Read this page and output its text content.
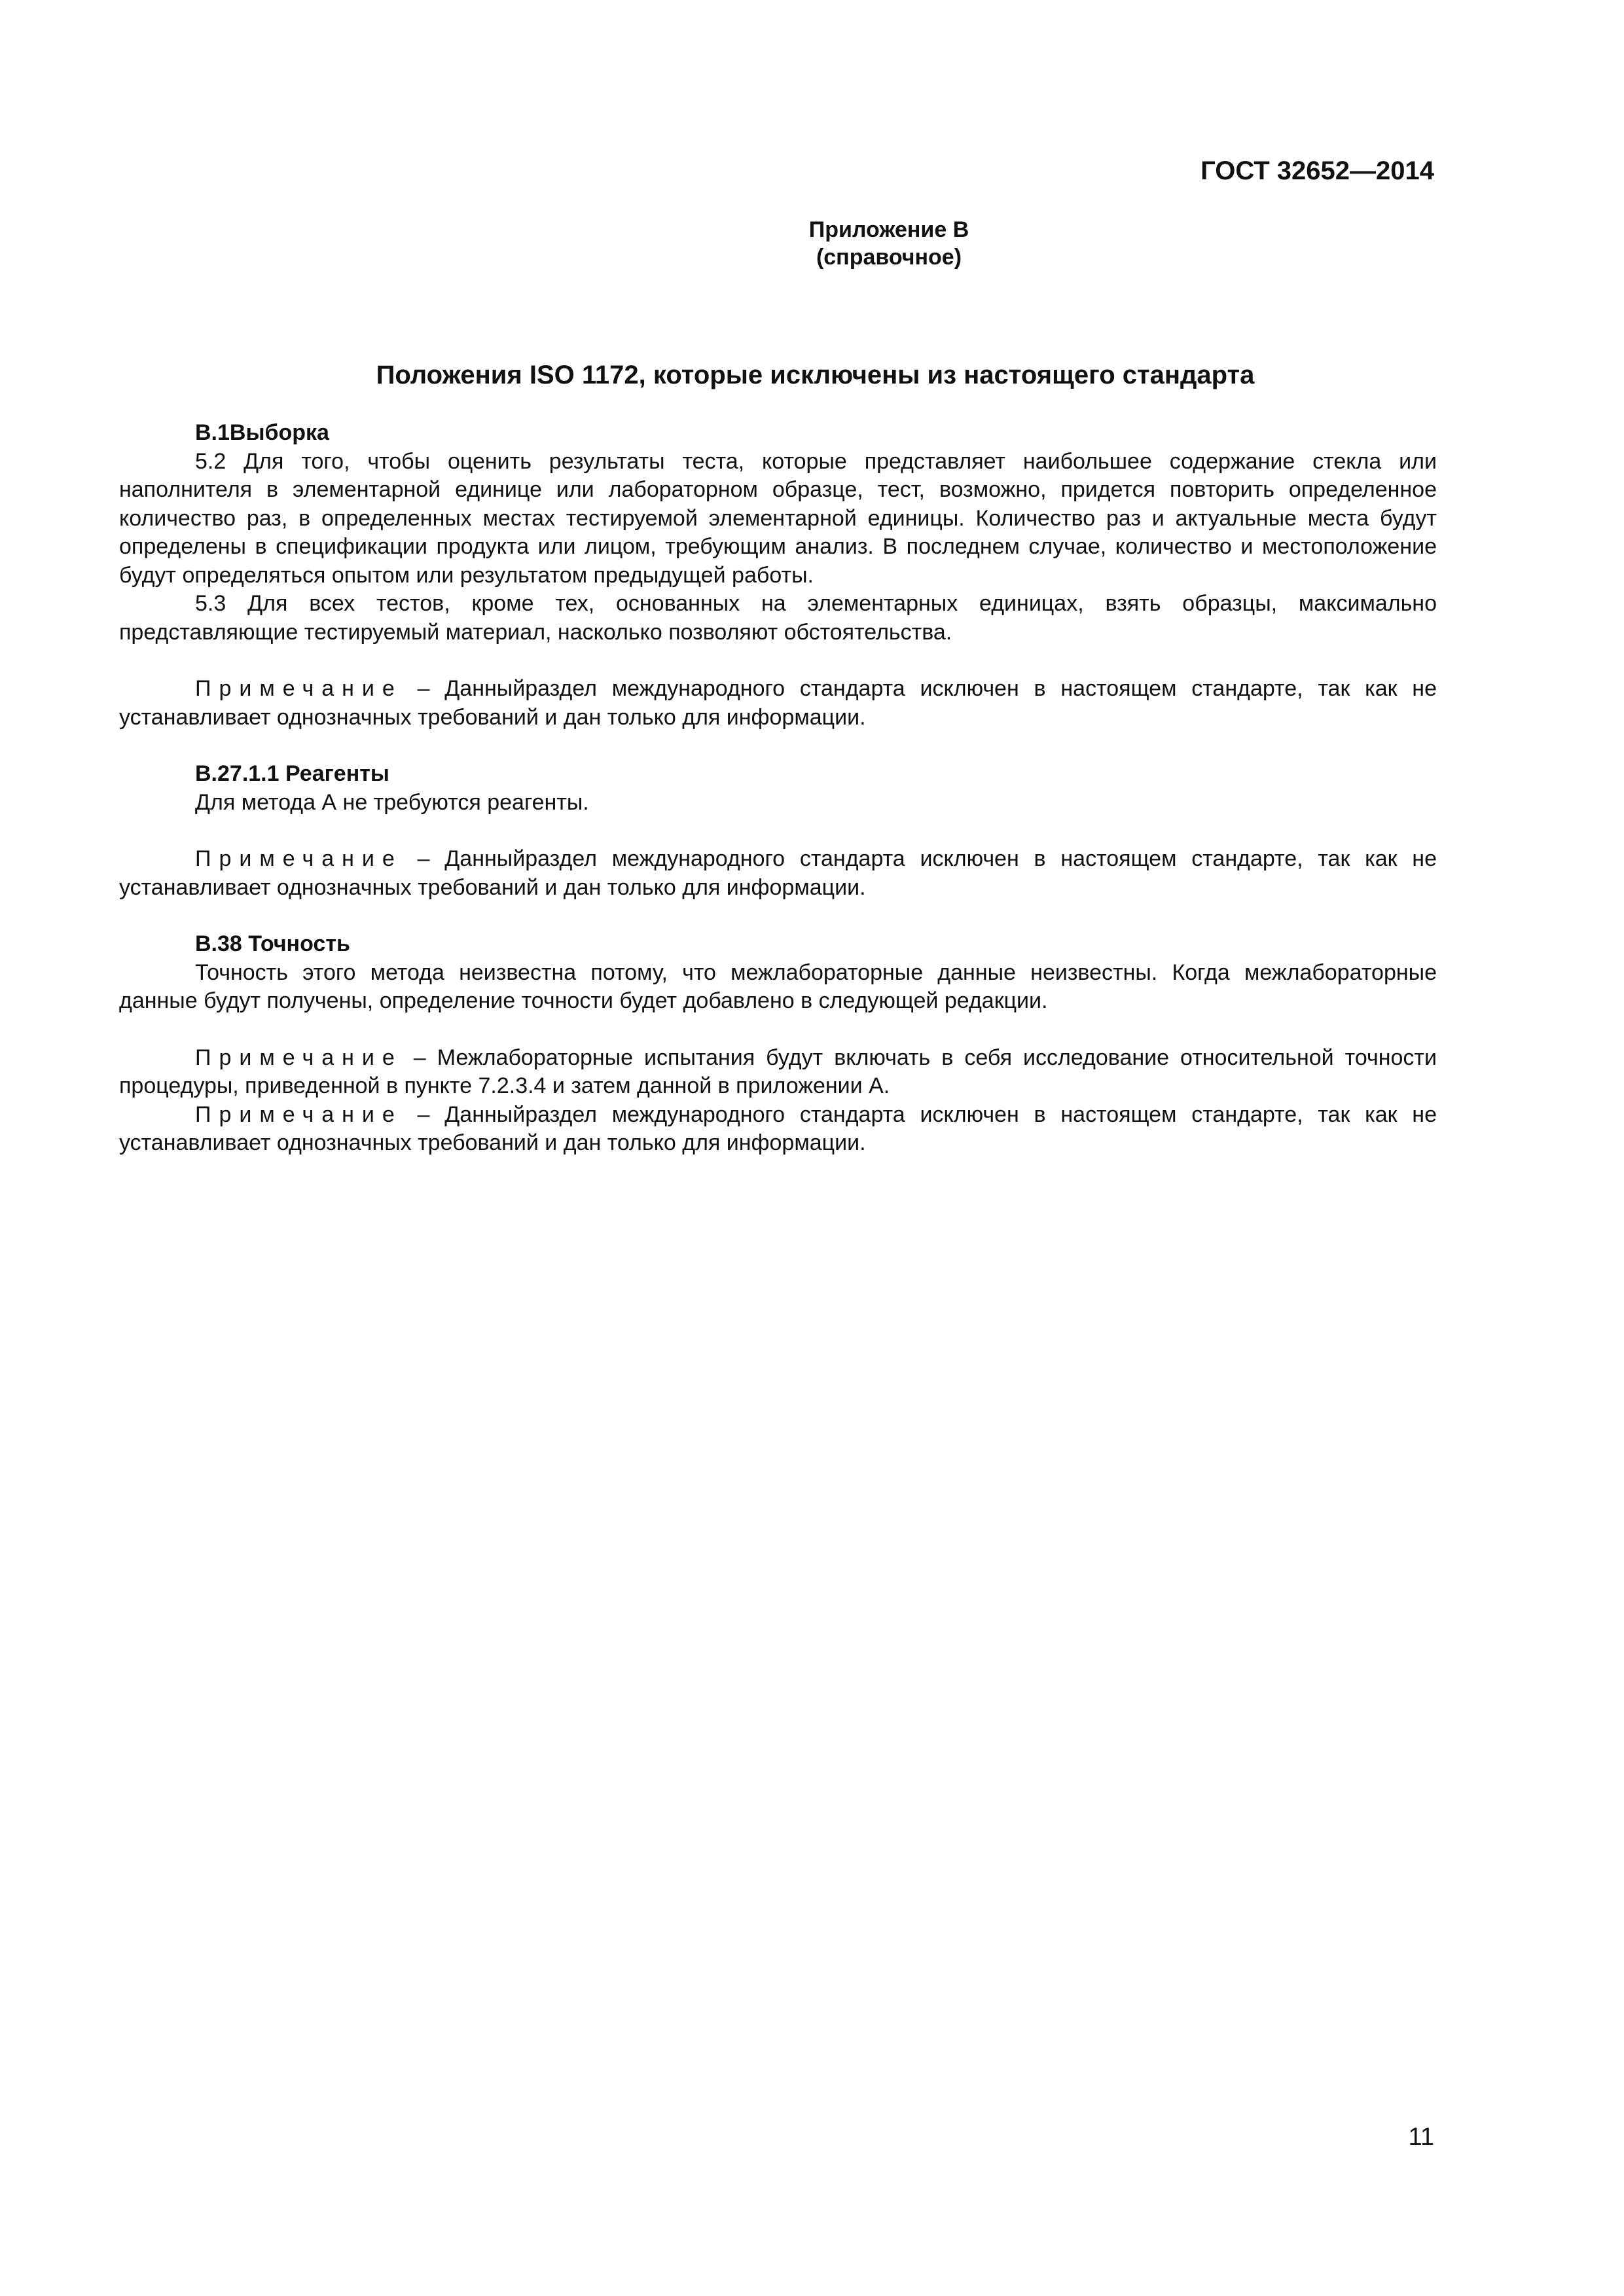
ГОСТ 32652—2014
Приложение В
(справочное)
Положения ISO 1172, которые исключены из настоящего стандарта

В.1Выборка

5.2 Для того, чтобы оценить результаты теста, которые представляет наибольшее содержание стекла или наполнителя в элементарной единице или лабораторном образце, тест, возможно, придется повторить определенное количество раз, в определенных местах тестируемой элементарной единицы. Количество раз и актуальные места будут определены в спецификации продукта или лицом, требующим анализ. В последнем случае, количество и местоположение будут определяться опытом или результатом предыдущей работы.

5.3 Для всех тестов, кроме тех, основанных на элементарных единицах, взять образцы, максимально представляющие тестируемый материал, насколько позволяют обстоятельства.

Примечание – Данныйраздел международного стандарта исключен в настоящем стандарте, так как не устанавливает однозначных требований и дан только для информации.

В.27.1.1 Реагенты

Для метода А не требуются реагенты.

Примечание – Данныйраздел международного стандарта исключен в настоящем стандарте, так как не устанавливает однозначных требований и дан только для информации.

В.38 Точность

Точность этого метода неизвестна потому, что межлабораторные данные неизвестны. Когда межлабораторные данные будут получены, определение точности будет добавлено в следующей редакции.

Примечание – Межлабораторные испытания будут включать в себя исследование относительной точности процедуры, приведенной в пункте 7.2.3.4 и затем данной в приложении А.

Примечание – Данныйраздел международного стандарта исключен в настоящем стандарте, так как не устанавливает однозначных требований и дан только для информации.

11
